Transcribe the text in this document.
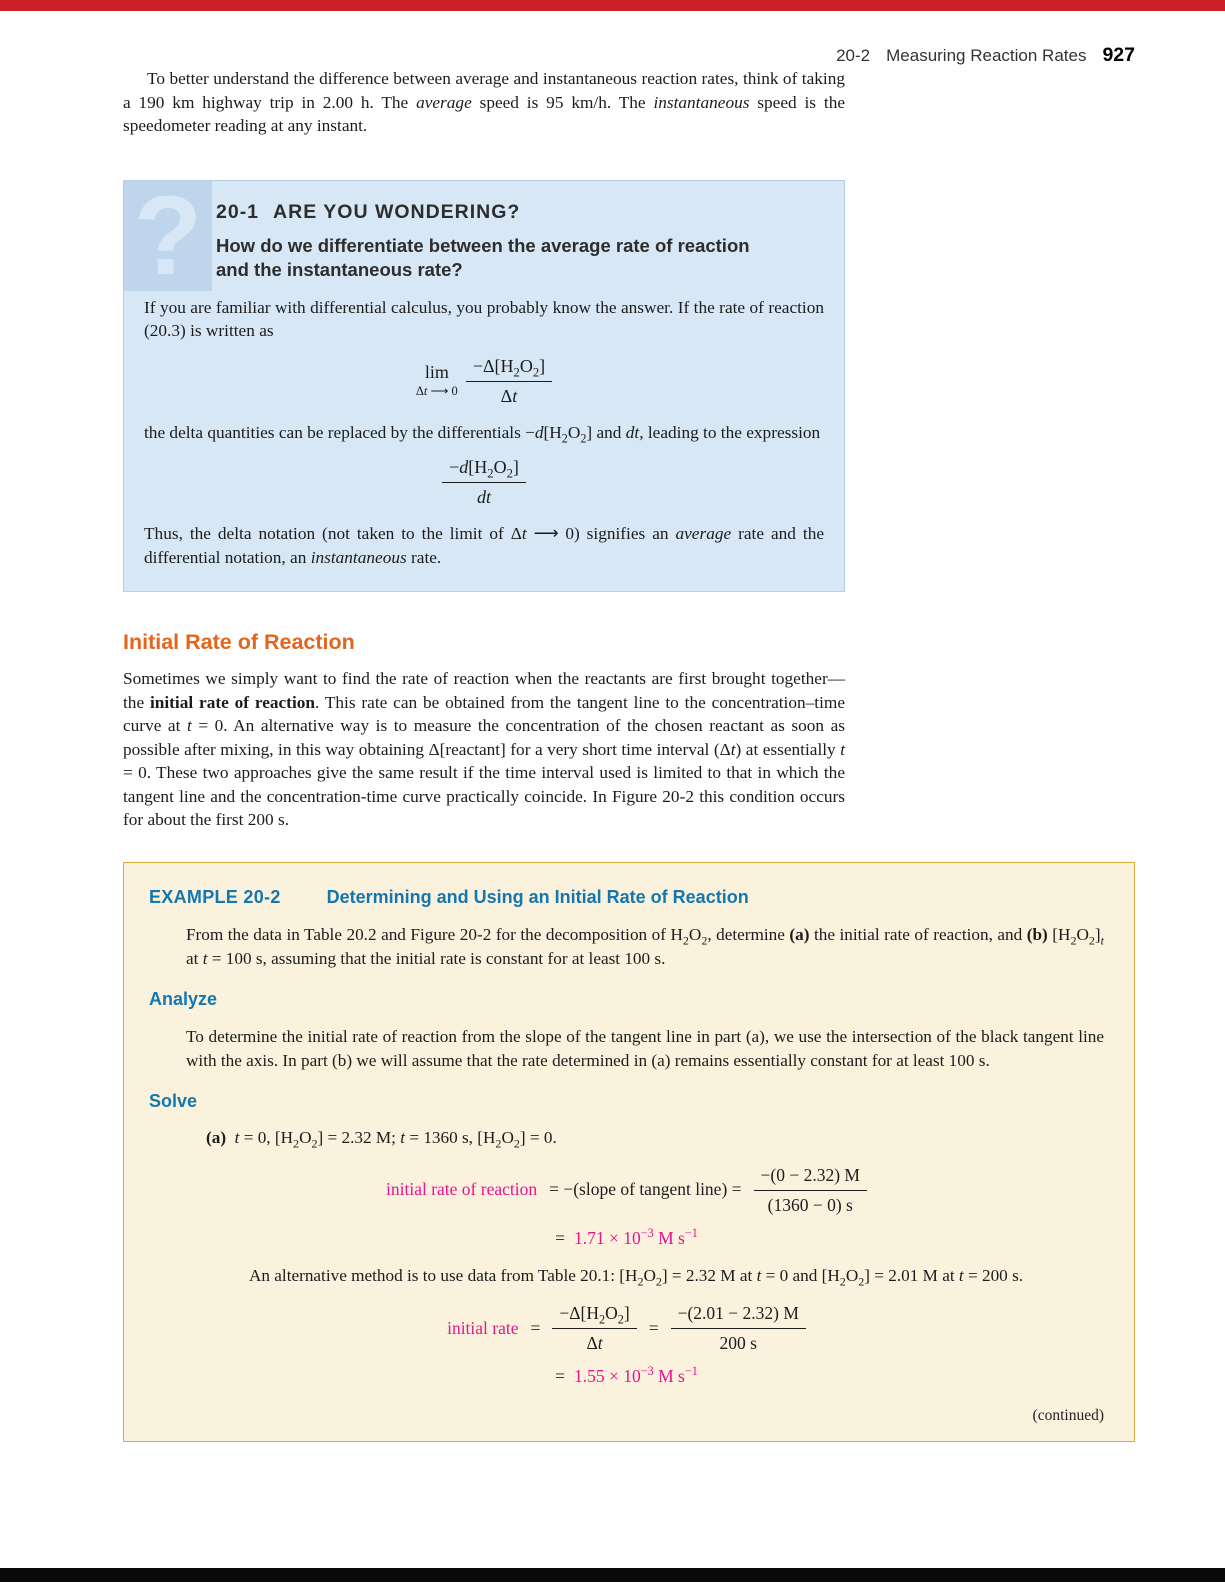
20-2 Measuring Reaction Rates 927

To better understand the difference between average and instantaneous reaction rates, think of taking a 190 km highway trip in 2.00 h. The average speed is 95 km/h. The instantaneous speed is the speedometer reading at any instant.

? 20-1 ARE YOU WONDERING?
How do we differentiate between the average rate of reaction and the instantaneous rate?

If you are familiar with differential calculus, you probably know the answer. If the rate of reaction (20.3) is written as

lim
Δt ⟶ $0 \frac{-\Delta[H_2O_2]}{\Delta t}$

the delta quantities can be replaced by the differentials $-d[H_2O_2]$ and dt, leading to the expression

$\frac{-d[H_2O_2]}{dt}$

Thus, the delta notation (not taken to the limit of Δt ⟶ 0) signifies an average rate and the differential notation, an instantaneous rate.

Initial Rate of Reaction

Sometimes we simply want to find the rate of reaction when the reactants are first brought together—the initial rate of reaction. This rate can be obtained from the tangent line to the concentration–time curve at t = 0. An alternative way is to measure the concentration of the chosen reactant as soon as possible after mixing, in this way obtaining Δ[reactant] for a very short time interval (Δt) at essentially t = 0. These two approaches give the same result if the time interval used is limited to that in which the tangent line and the concentration-time curve practically coincide. In Figure 20-2 this condition occurs for about the first 200 s.

EXAMPLE 20-2	Determining and Using an Initial Rate of Reaction

From the data in Table 20.2 and Figure 20-2 for the decomposition of $H_2O_2$, determine (a) the initial rate of reaction, and (b) $[H_2O_2]_t$ at t = 100 s, assuming that the initial rate is constant for at least 100 s.

Analyze

To determine the initial rate of reaction from the slope of the tangent line in part (a), we use the intersection of the black tangent line with the axis. In part (b) we will assume that the rate determined in (a) remains essentially constant for at least 100 s.

Solve

(a) t = 0, $[H_2O_2] = 2.32$ M; t = 1360 s, $[H_2O_2] = 0$.

initial rate of reaction = −(slope of tangent line) = $\frac{-(0 - 2.32) M}{(1360 - 0) s}$
= $1.71 \times 10^{-3}$ M $s^{-1}$

An alternative method is to use data from Table 20.1: $[H_2O_2] = 2.32$ M at t = 0 and $[H_2O_2] = 2.01$ M at t = 200 s.

initial rate = $\frac{-\Delta[H_2O_2]}{\Delta t} = \frac{-(2.01 - 2.32) M}{200 s}$
= $1.55 \times 10^{-3}$ M $s^{-1}$
(continued)
